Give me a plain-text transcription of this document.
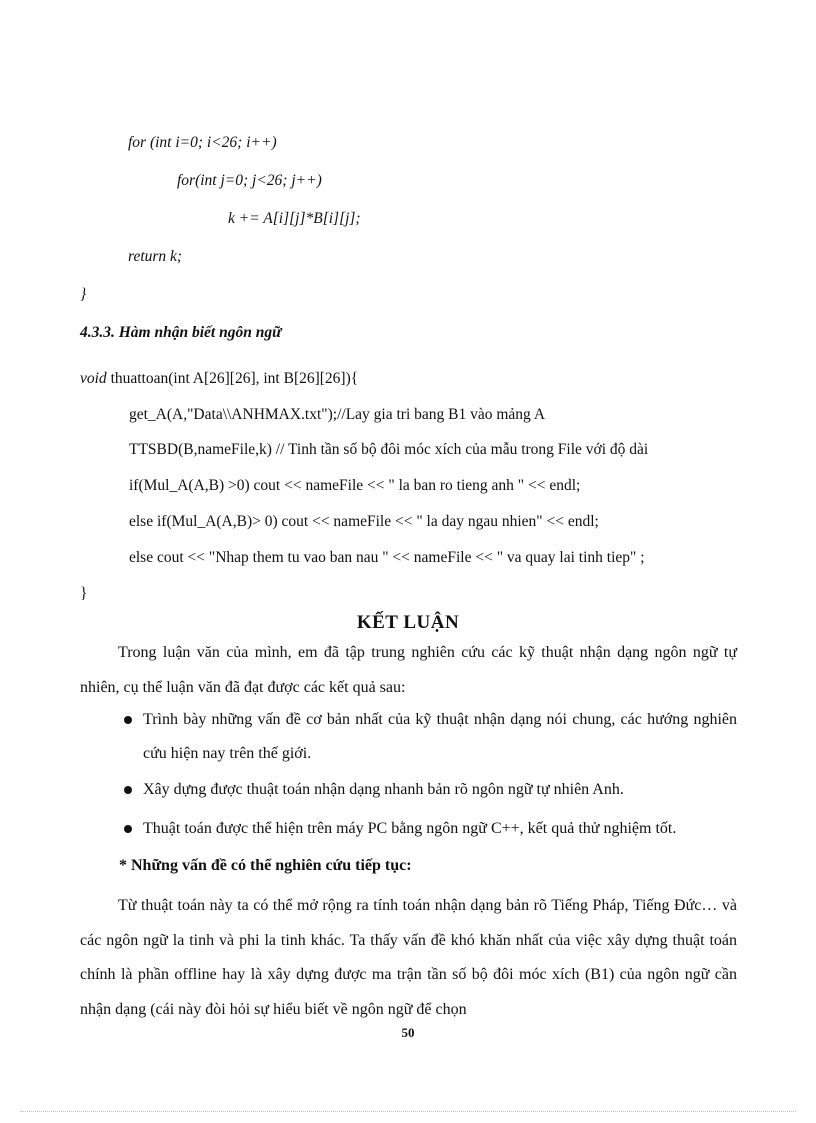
for (int i=0; i<26; i++)
for(int j=0; j<26; j++)
k += A[i][j]*B[i][j];
return k;
}
4.3.3. Hàm nhận biết ngôn ngữ
void thuattoan(int A[26][26], int B[26][26]){
get_A(A,"Data\\ANHMAX.txt");//Lay gia tri bang B1 vào mảng A
TTSBD(B,nameFile,k) // Tinh tần số bộ đôi móc xích của mẫu trong File với độ dài
if(Mul_A(A,B) >0) cout << nameFile << " la ban ro tieng anh " << endl;
else if(Mul_A(A,B)> 0) cout << nameFile << " la day ngau nhien" << endl;
else cout << "Nhap them tu vao ban nau " << nameFile << " va quay lai tinh tiep" ;
}
KẾT LUẬN
Trong luận văn của mình, em đã tập trung nghiên cứu các kỹ thuật nhận dạng ngôn ngữ tự nhiên, cụ thể luận văn đã đạt được các kết quả sau:
Trình bày những vấn đề cơ bản nhất của kỹ thuật nhận dạng nói chung, các hướng nghiên cứu hiện nay trên thế giới.
Xây dựng được thuật toán nhận dạng nhanh bản rõ ngôn ngữ tự nhiên Anh.
Thuật toán được thể hiện trên máy PC bằng ngôn ngữ C++, kết quả thử nghiệm tốt.
* Những vấn đề có thể nghiên cứu tiếp tục:
Từ thuật toán này ta có thể mở rộng ra tính toán nhận dạng bản rõ Tiếng Pháp, Tiếng Đức… và các ngôn ngữ la tinh và phi la tinh khác. Ta thấy vấn đề khó khăn nhất của việc xây dựng thuật toán chính là phần offline hay là xây dựng được ma trận tần số bộ đôi móc xích (B1) của ngôn ngữ cần nhận dạng (cái này đòi hỏi sự hiểu biết về ngôn ngữ để chọn
50
